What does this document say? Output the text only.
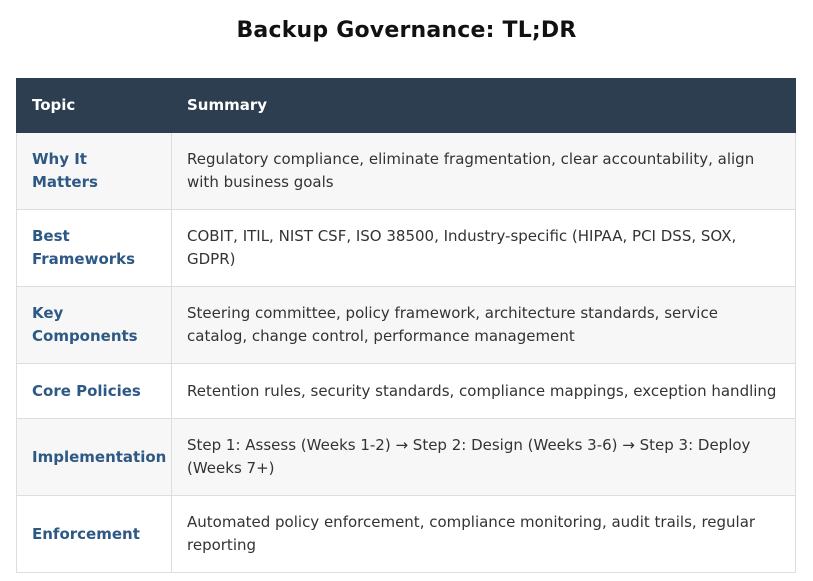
Backup Governance: TL;DR
Topic	Summary
Why It Matters	Regulatory compliance, eliminate fragmentation, clear accountability, align with business goals
Best Frameworks	COBIT, ITIL, NIST CSF, ISO 38500, Industry-specific (HIPAA, PCI DSS, SOX, GDPR)
Key Components	Steering committee, policy framework, architecture standards, service catalog, change control, performance management
Core Policies	Retention rules, security standards, compliance mappings, exception handling
Implementation	Step 1: Assess (Weeks 1-2) → Step 2: Design (Weeks 3-6) → Step 3: Deploy (Weeks 7+)
Enforcement	Automated policy enforcement, compliance monitoring, audit trails, regular reporting
